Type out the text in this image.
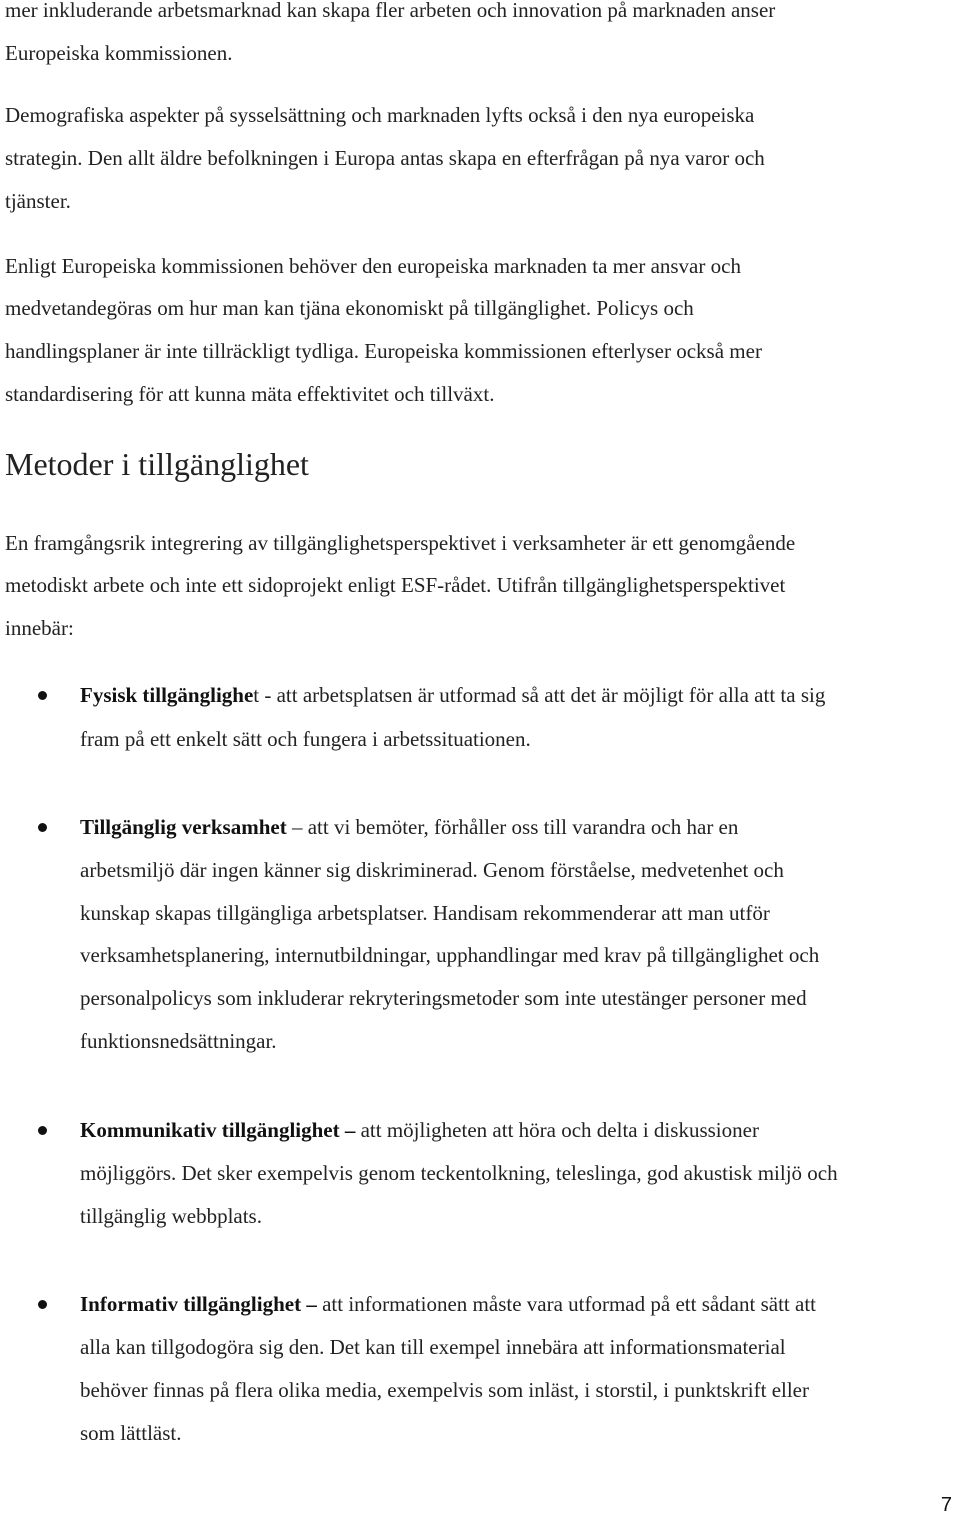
mer inkluderande arbetsmarknad kan skapa fler arbeten och innovation på marknaden anser
Europeiska kommissionen.
Demografiska aspekter på sysselsättning och marknaden lyfts också i den nya europeiska
strategin. Den allt äldre befolkningen i Europa antas skapa en efterfrågan på nya varor och
tjänster.
Enligt Europeiska kommissionen behöver den europeiska marknaden ta mer ansvar och
medvetandegöras om hur man kan tjäna ekonomiskt på tillgänglighet. Policys och
handlingsplaner är inte tillräckligt tydliga. Europeiska kommissionen efterlyser också mer
standardisering för att kunna mäta effektivitet och tillväxt.
Metoder i tillgänglighet
En framgångsrik integrering av tillgänglighetsperspektivet i verksamheter är ett genomgående
metodiskt arbete och inte ett sidoprojekt enligt ESF-rådet. Utifrån tillgänglighetsperspektivet
innebär:
Fysisk tillgänglighet - att arbetsplatsen är utformad så att det är möjligt för alla att ta sig
fram på ett enkelt sätt och fungera i arbetssituationen.
Tillgänglig verksamhet – att vi bemöter, förhåller oss till varandra och har en
arbetsmiljö där ingen känner sig diskriminerad. Genom förståelse, medvetenhet och
kunskap skapas tillgängliga arbetsplatser. Handisam rekommenderar att man utför
verksamhetsplanering, internutbildningar, upphandlingar med krav på tillgänglighet och
personalpolicys som inkluderar rekryteringsmetoder som inte utestänger personer med
funktionsnedsättningar.
Kommunikativ tillgänglighet – att möjligheten att höra och delta i diskussioner
möjliggörs. Det sker exempelvis genom teckentolkning, teleslinga, god akustisk miljö och
tillgänglig webbplats.
Informativ tillgänglighet – att informationen måste vara utformad på ett sådant sätt att
alla kan tillgodogöra sig den. Det kan till exempel innebära att informationsmaterial
behöver finnas på flera olika media, exempelvis som inläst, i storstil, i punktskrift eller
som lättläst.
7
